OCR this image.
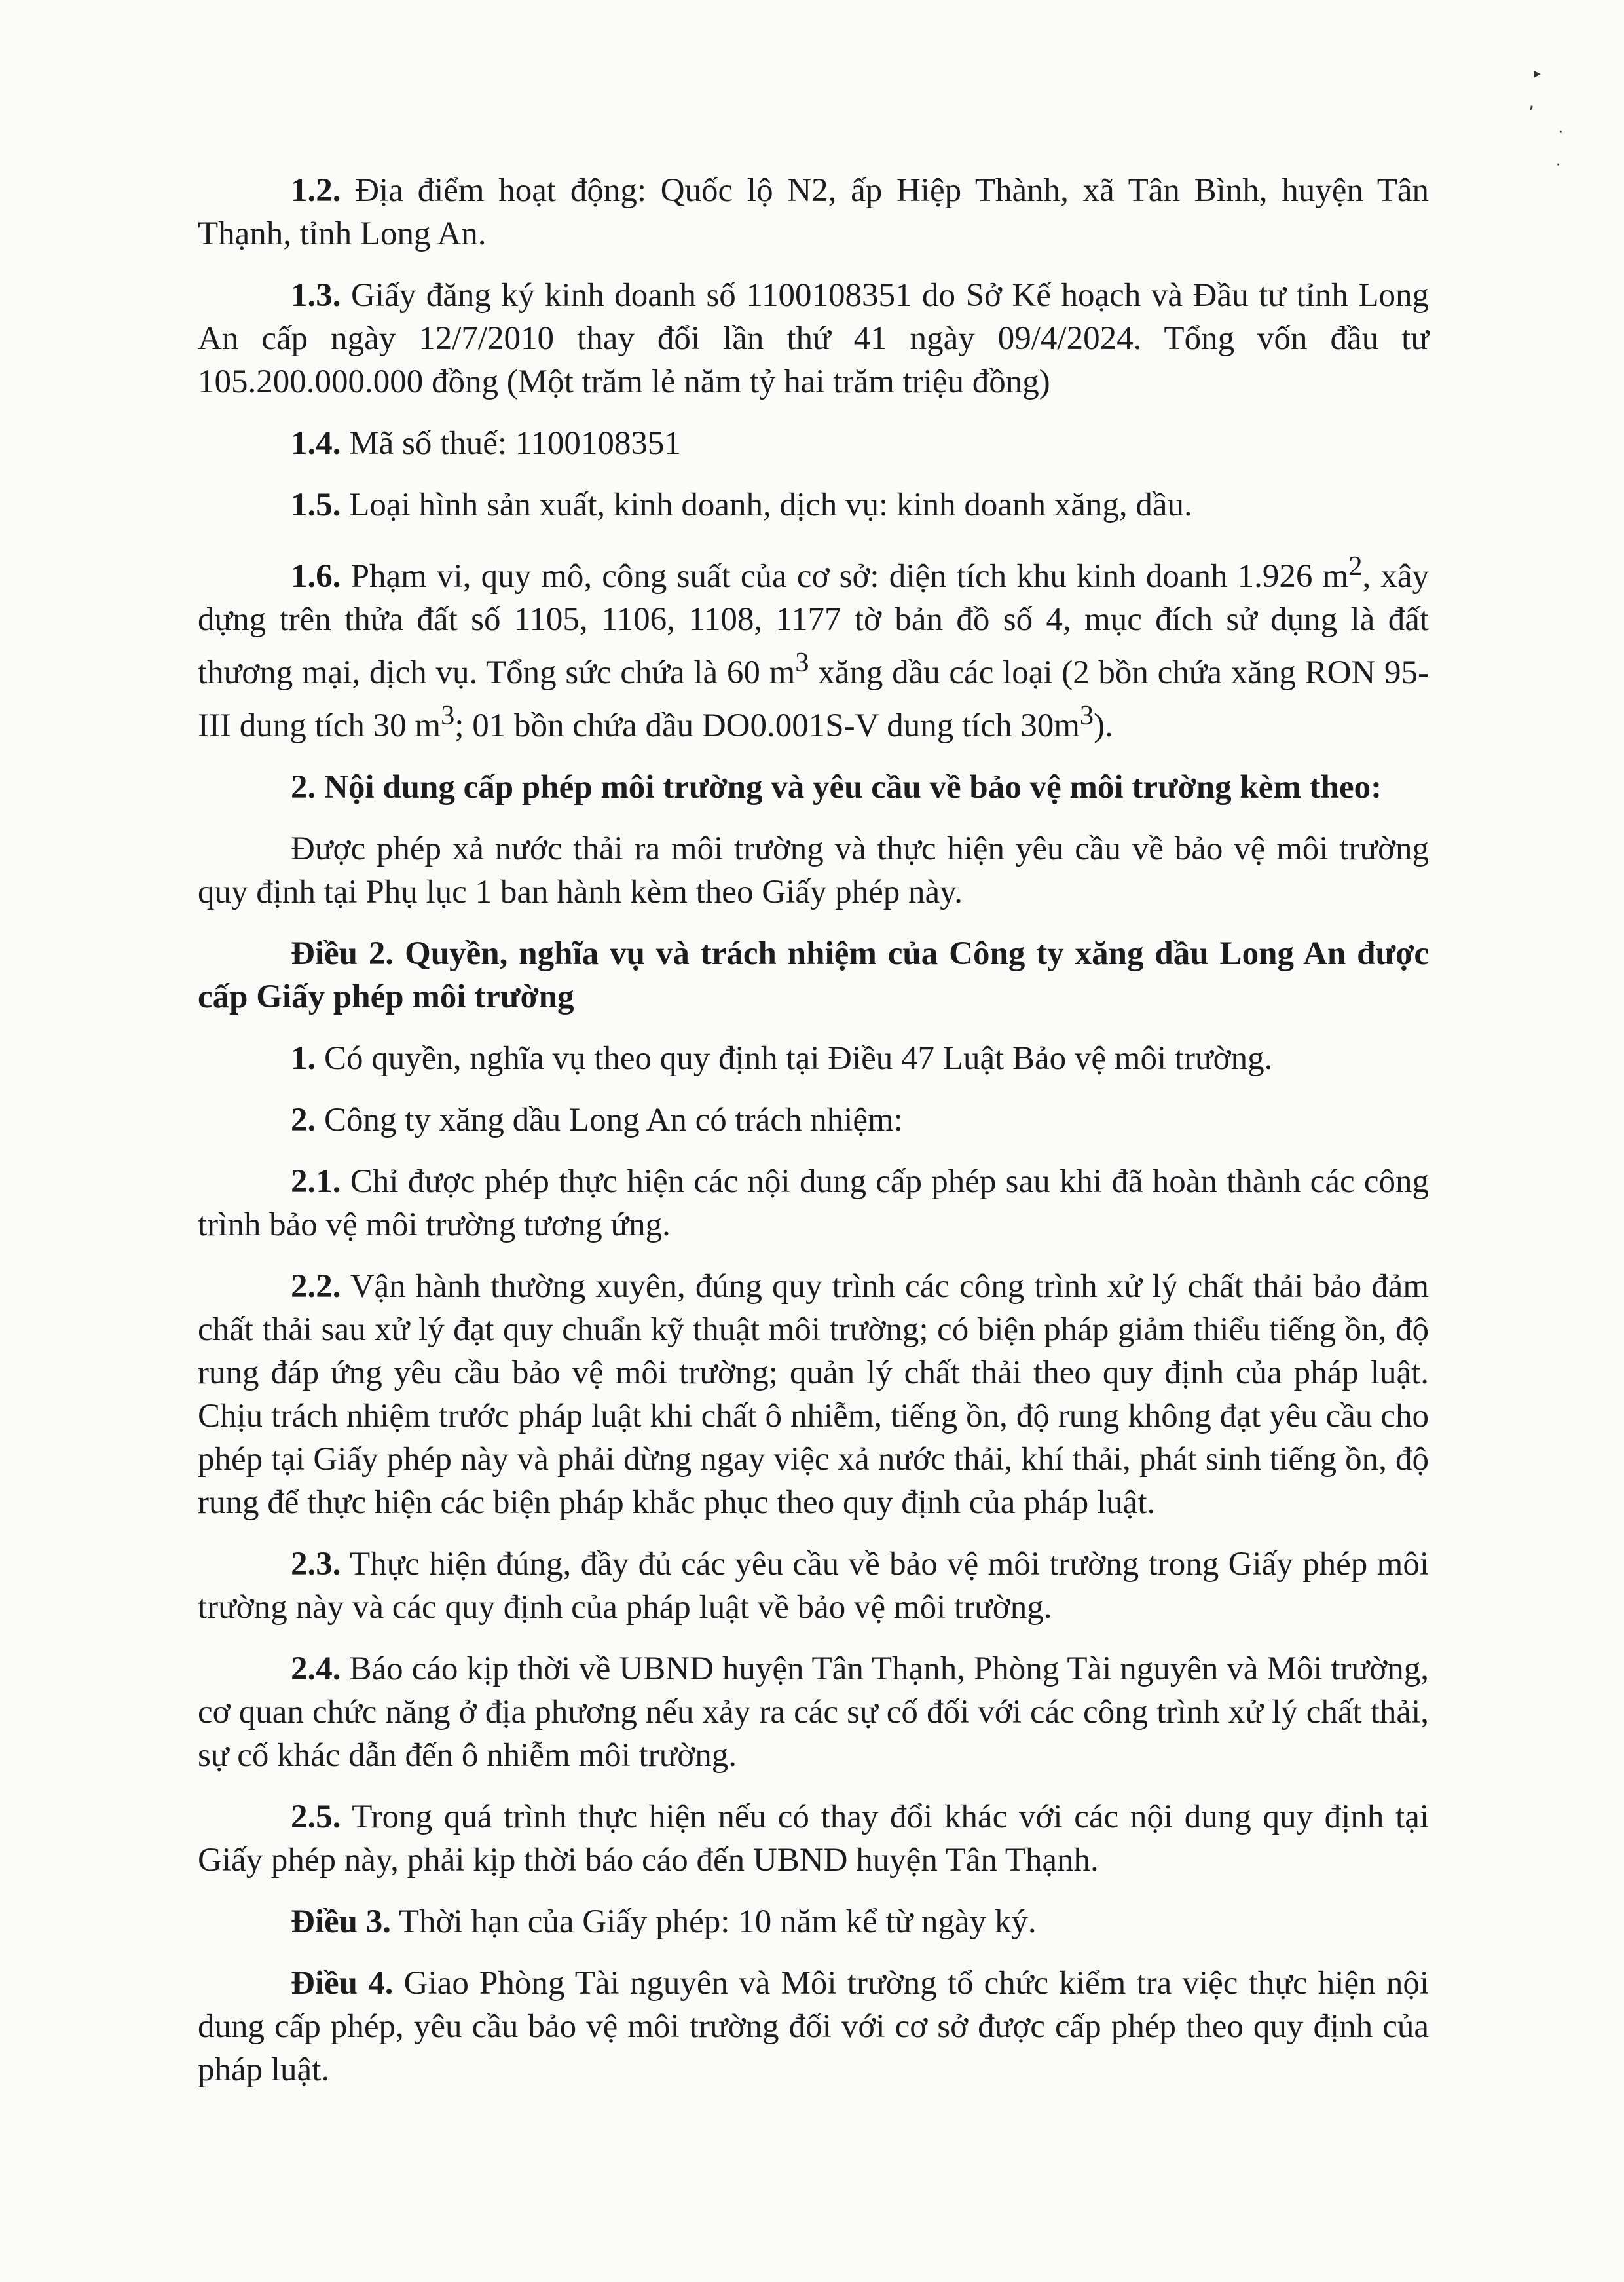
▸
ʼ
·
·

1.2. Địa điểm hoạt động: Quốc lộ N2, ấp Hiệp Thành, xã Tân Bình, huyện Tân Thạnh, tỉnh Long An.

1.3. Giấy đăng ký kinh doanh số 1100108351 do Sở Kế hoạch và Đầu tư tỉnh Long An cấp ngày 12/7/2010 thay đổi lần thứ 41 ngày 09/4/2024. Tổng vốn đầu tư 105.200.000.000 đồng (Một trăm lẻ năm tỷ hai trăm triệu đồng)

1.4. Mã số thuế: 1100108351

1.5. Loại hình sản xuất, kinh doanh, dịch vụ: kinh doanh xăng, dầu.

1.6. Phạm vi, quy mô, công suất của cơ sở: diện tích khu kinh doanh 1.926 $m^2$, xây dựng trên thửa đất số 1105, 1106, 1108, 1177 tờ bản đồ số 4, mục đích sử dụng là đất thương mại, dịch vụ. Tổng sức chứa là 60 $m^3$ xăng dầu các loại (2 bồn chứa xăng RON 95-III dung tích 30 $m^3$; 01 bồn chứa dầu DO0.001S-V dung tích $30m^3$).

2. Nội dung cấp phép môi trường và yêu cầu về bảo vệ môi trường kèm theo:

Được phép xả nước thải ra môi trường và thực hiện yêu cầu về bảo vệ môi trường quy định tại Phụ lục 1 ban hành kèm theo Giấy phép này.

Điều 2. Quyền, nghĩa vụ và trách nhiệm của Công ty xăng dầu Long An được cấp Giấy phép môi trường

1. Có quyền, nghĩa vụ theo quy định tại Điều 47 Luật Bảo vệ môi trường.

2. Công ty xăng dầu Long An có trách nhiệm:

2.1. Chỉ được phép thực hiện các nội dung cấp phép sau khi đã hoàn thành các công trình bảo vệ môi trường tương ứng.

2.2. Vận hành thường xuyên, đúng quy trình các công trình xử lý chất thải bảo đảm chất thải sau xử lý đạt quy chuẩn kỹ thuật môi trường; có biện pháp giảm thiểu tiếng ồn, độ rung đáp ứng yêu cầu bảo vệ môi trường; quản lý chất thải theo quy định của pháp luật. Chịu trách nhiệm trước pháp luật khi chất ô nhiễm, tiếng ồn, độ rung không đạt yêu cầu cho phép tại Giấy phép này và phải dừng ngay việc xả nước thải, khí thải, phát sinh tiếng ồn, độ rung để thực hiện các biện pháp khắc phục theo quy định của pháp luật.

2.3. Thực hiện đúng, đầy đủ các yêu cầu về bảo vệ môi trường trong Giấy phép môi trường này và các quy định của pháp luật về bảo vệ môi trường.

2.4. Báo cáo kịp thời về UBND huyện Tân Thạnh, Phòng Tài nguyên và Môi trường, cơ quan chức năng ở địa phương nếu xảy ra các sự cố đối với các công trình xử lý chất thải, sự cố khác dẫn đến ô nhiễm môi trường.

2.5. Trong quá trình thực hiện nếu có thay đổi khác với các nội dung quy định tại Giấy phép này, phải kịp thời báo cáo đến UBND huyện Tân Thạnh.

Điều 3. Thời hạn của Giấy phép: 10 năm kể từ ngày ký.

Điều 4. Giao Phòng Tài nguyên và Môi trường tổ chức kiểm tra việc thực hiện nội dung cấp phép, yêu cầu bảo vệ môi trường đối với cơ sở được cấp phép theo quy định của pháp luật.
